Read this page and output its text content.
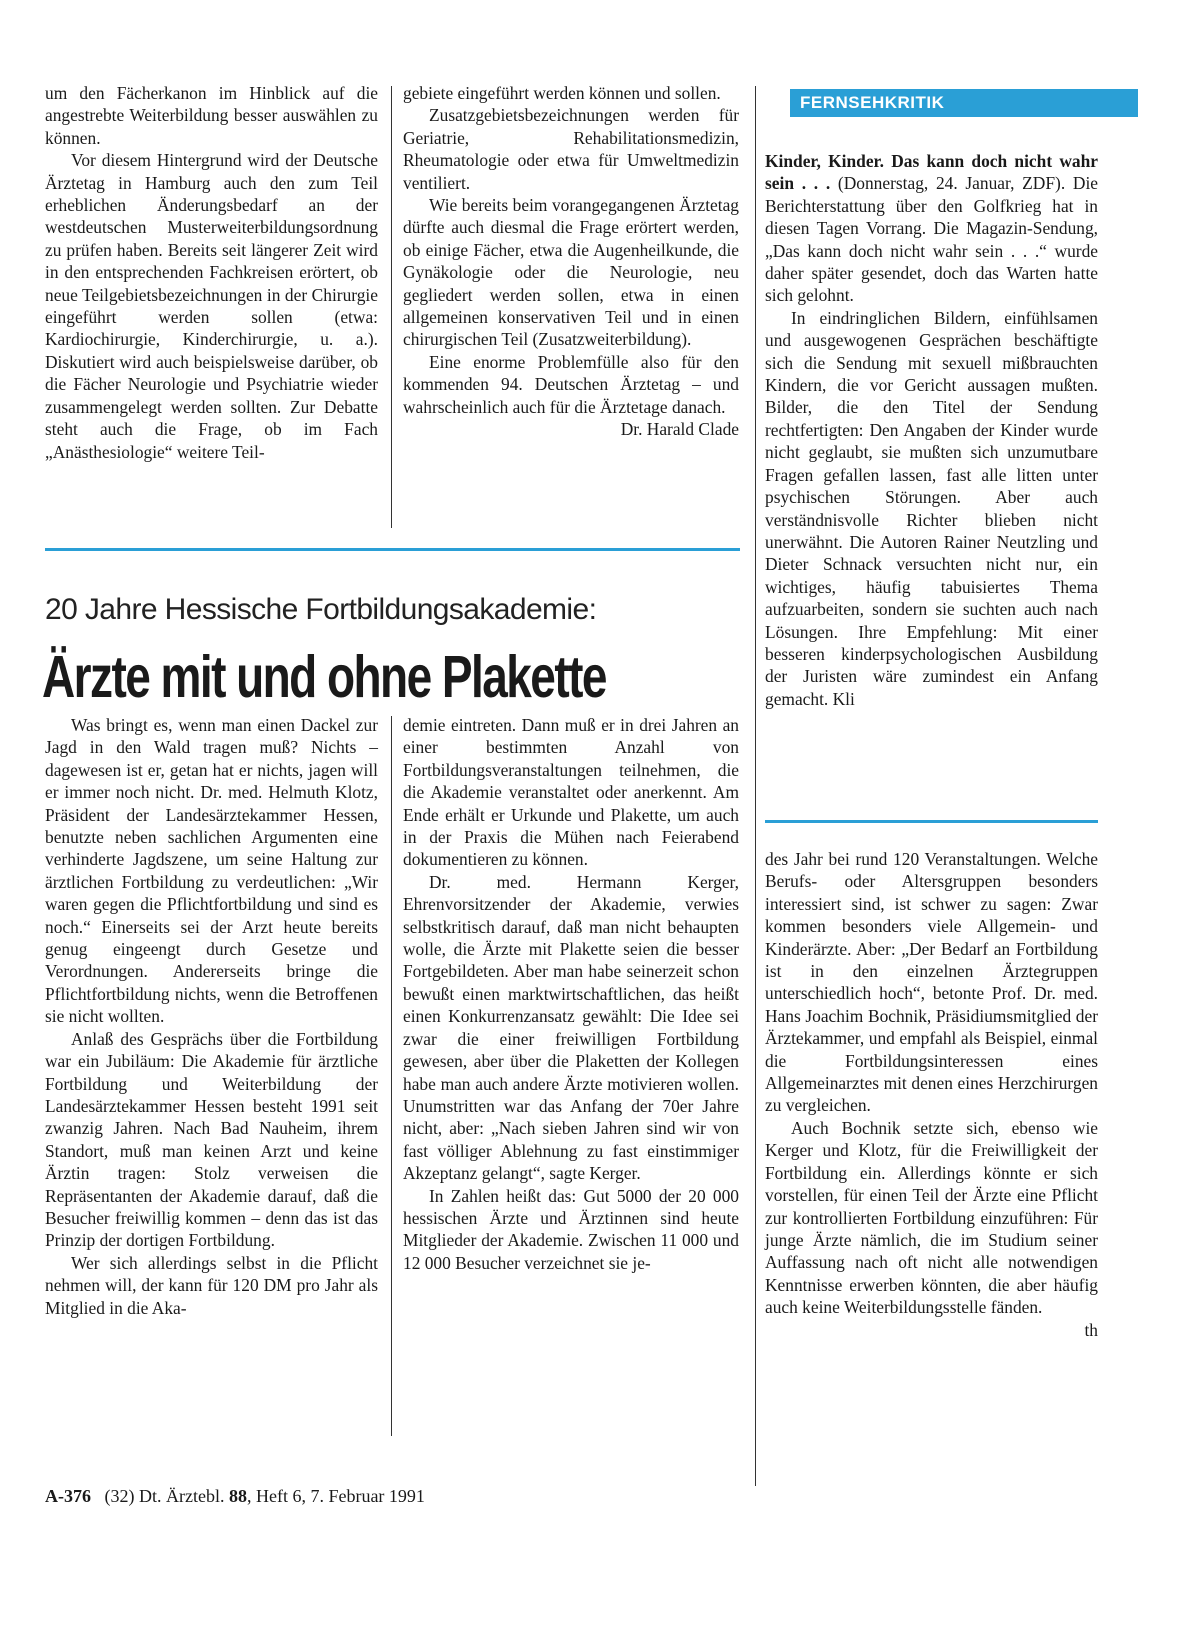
um den Fächerkanon im Hinblick auf die angestrebte Weiterbildung besser auswählen zu können.

Vor diesem Hintergrund wird der Deutsche Ärztetag in Hamburg auch den zum Teil erheblichen Änderungsbedarf an der westdeutschen Musterweiterbildungsordnung zu prüfen haben. Bereits seit längerer Zeit wird in den entsprechenden Fachkreisen erörtert, ob neue Teilgebietsbezeichnungen in der Chirurgie eingeführt werden sollen (etwa: Kardiochirurgie, Kinderchirurgie, u. a.). Diskutiert wird auch beispielsweise darüber, ob die Fächer Neurologie und Psychiatrie wieder zusammengelegt werden sollten. Zur Debatte steht auch die Frage, ob im Fach „Anästhesiologie“ weitere Teil-

gebiete eingeführt werden können und sollen.

Zusatzgebietsbezeichnungen werden für Geriatrie, Rehabilitationsmedizin, Rheumatologie oder etwa für Umweltmedizin ventiliert.

Wie bereits beim vorangegangenen Ärztetag dürfte auch diesmal die Frage erörtert werden, ob einige Fächer, etwa die Augenheilkunde, die Gynäkologie oder die Neurologie, neu gegliedert werden sollen, etwa in einen allgemeinen konservativen Teil und in einen chirurgischen Teil (Zusatzweiterbildung).

Eine enorme Problemfülle also für den kommenden 94. Deutschen Ärztetag – und wahrscheinlich auch für die Ärztetage danach.

Dr. Harald Clade
FERNSEHKRITIK

Kinder, Kinder. Das kann doch nicht wahr sein . . . (Donnerstag, 24. Januar, ZDF). Die Berichterstattung über den Golfkrieg hat in diesen Tagen Vorrang. Die Magazin-Sendung, „Das kann doch nicht wahr sein . . .“ wurde daher später gesendet, doch das Warten hatte sich gelohnt.

In eindringlichen Bildern, einfühlsamen und ausgewogenen Gesprächen beschäftigte sich die Sendung mit sexuell mißbrauchten Kindern, die vor Gericht aussagen mußten. Bilder, die den Titel der Sendung rechtfertigten: Den Angaben der Kinder wurde nicht geglaubt, sie mußten sich unzumutbare Fragen gefallen lassen, fast alle litten unter psychischen Störungen. Aber auch verständnisvolle Richter blieben nicht unerwähnt. Die Autoren Rainer Neutzling und Dieter Schnack versuchten nicht nur, ein wichtiges, häufig tabuisiertes Thema aufzuarbeiten, sondern sie suchten auch nach Lösungen. Ihre Empfehlung: Mit einer besseren kinderpsychologischen Ausbildung der Juristen wäre zumindest ein Anfang gemacht. Kli

20 Jahre Hessische Fortbildungsakademie:
Ärzte mit und ohne Plakette

Was bringt es, wenn man einen Dackel zur Jagd in den Wald tragen muß? Nichts – dagewesen ist er, getan hat er nichts, jagen will er immer noch nicht. Dr. med. Helmuth Klotz, Präsident der Landesärztekammer Hessen, benutzte neben sachlichen Argumenten eine verhinderte Jagdszene, um seine Haltung zur ärztlichen Fortbildung zu verdeutlichen: „Wir waren gegen die Pflichtfortbildung und sind es noch.“ Einerseits sei der Arzt heute bereits genug eingeengt durch Gesetze und Verordnungen. Andererseits bringe die Pflichtfortbildung nichts, wenn die Betroffenen sie nicht wollten.

Anlaß des Gesprächs über die Fortbildung war ein Jubiläum: Die Akademie für ärztliche Fortbildung und Weiterbildung der Landesärztekammer Hessen besteht 1991 seit zwanzig Jahren. Nach Bad Nauheim, ihrem Standort, muß man keinen Arzt und keine Ärztin tragen: Stolz verweisen die Repräsentanten der Akademie darauf, daß die Besucher freiwillig kommen – denn das ist das Prinzip der dortigen Fortbildung.

Wer sich allerdings selbst in die Pflicht nehmen will, der kann für 120 DM pro Jahr als Mitglied in die Aka-

demie eintreten. Dann muß er in drei Jahren an einer bestimmten Anzahl von Fortbildungsveranstaltungen teilnehmen, die die Akademie veranstaltet oder anerkennt. Am Ende erhält er Urkunde und Plakette, um auch in der Praxis die Mühen nach Feierabend dokumentieren zu können.

Dr. med. Hermann Kerger, Ehrenvorsitzender der Akademie, verwies selbstkritisch darauf, daß man nicht behaupten wolle, die Ärzte mit Plakette seien die besser Fortgebildeten. Aber man habe seinerzeit schon bewußt einen marktwirtschaftlichen, das heißt einen Konkurrenzansatz gewählt: Die Idee sei zwar die einer freiwilligen Fortbildung gewesen, aber über die Plaketten der Kollegen habe man auch andere Ärzte motivieren wollen. Unumstritten war das Anfang der 70er Jahre nicht, aber: „Nach sieben Jahren sind wir von fast völliger Ablehnung zu fast einstimmiger Akzeptanz gelangt“, sagte Kerger.

In Zahlen heißt das: Gut 5000 der 20 000 hessischen Ärzte und Ärztinnen sind heute Mitglieder der Akademie. Zwischen 11 000 und 12 000 Besucher verzeichnet sie je-

des Jahr bei rund 120 Veranstaltungen. Welche Berufs- oder Altersgruppen besonders interessiert sind, ist schwer zu sagen: Zwar kommen besonders viele Allgemein- und Kinderärzte. Aber: „Der Bedarf an Fortbildung ist in den einzelnen Ärztegruppen unterschiedlich hoch“, betonte Prof. Dr. med. Hans Joachim Bochnik, Präsidiumsmitglied der Ärztekammer, und empfahl als Beispiel, einmal die Fortbildungsinteressen eines Allgemeinarztes mit denen eines Herzchirurgen zu vergleichen.

Auch Bochnik setzte sich, ebenso wie Kerger und Klotz, für die Freiwilligkeit der Fortbildung ein. Allerdings könnte er sich vorstellen, für einen Teil der Ärzte eine Pflicht zur kontrollierten Fortbildung einzuführen: Für junge Ärzte nämlich, die im Studium seiner Auffassung nach oft nicht alle notwendigen Kenntnisse erwerben könnten, die aber häufig auch keine Weiterbildungsstelle fänden.

th
A-376 (32) Dt. Ärztebl. 88, Heft 6, 7. Februar 1991
